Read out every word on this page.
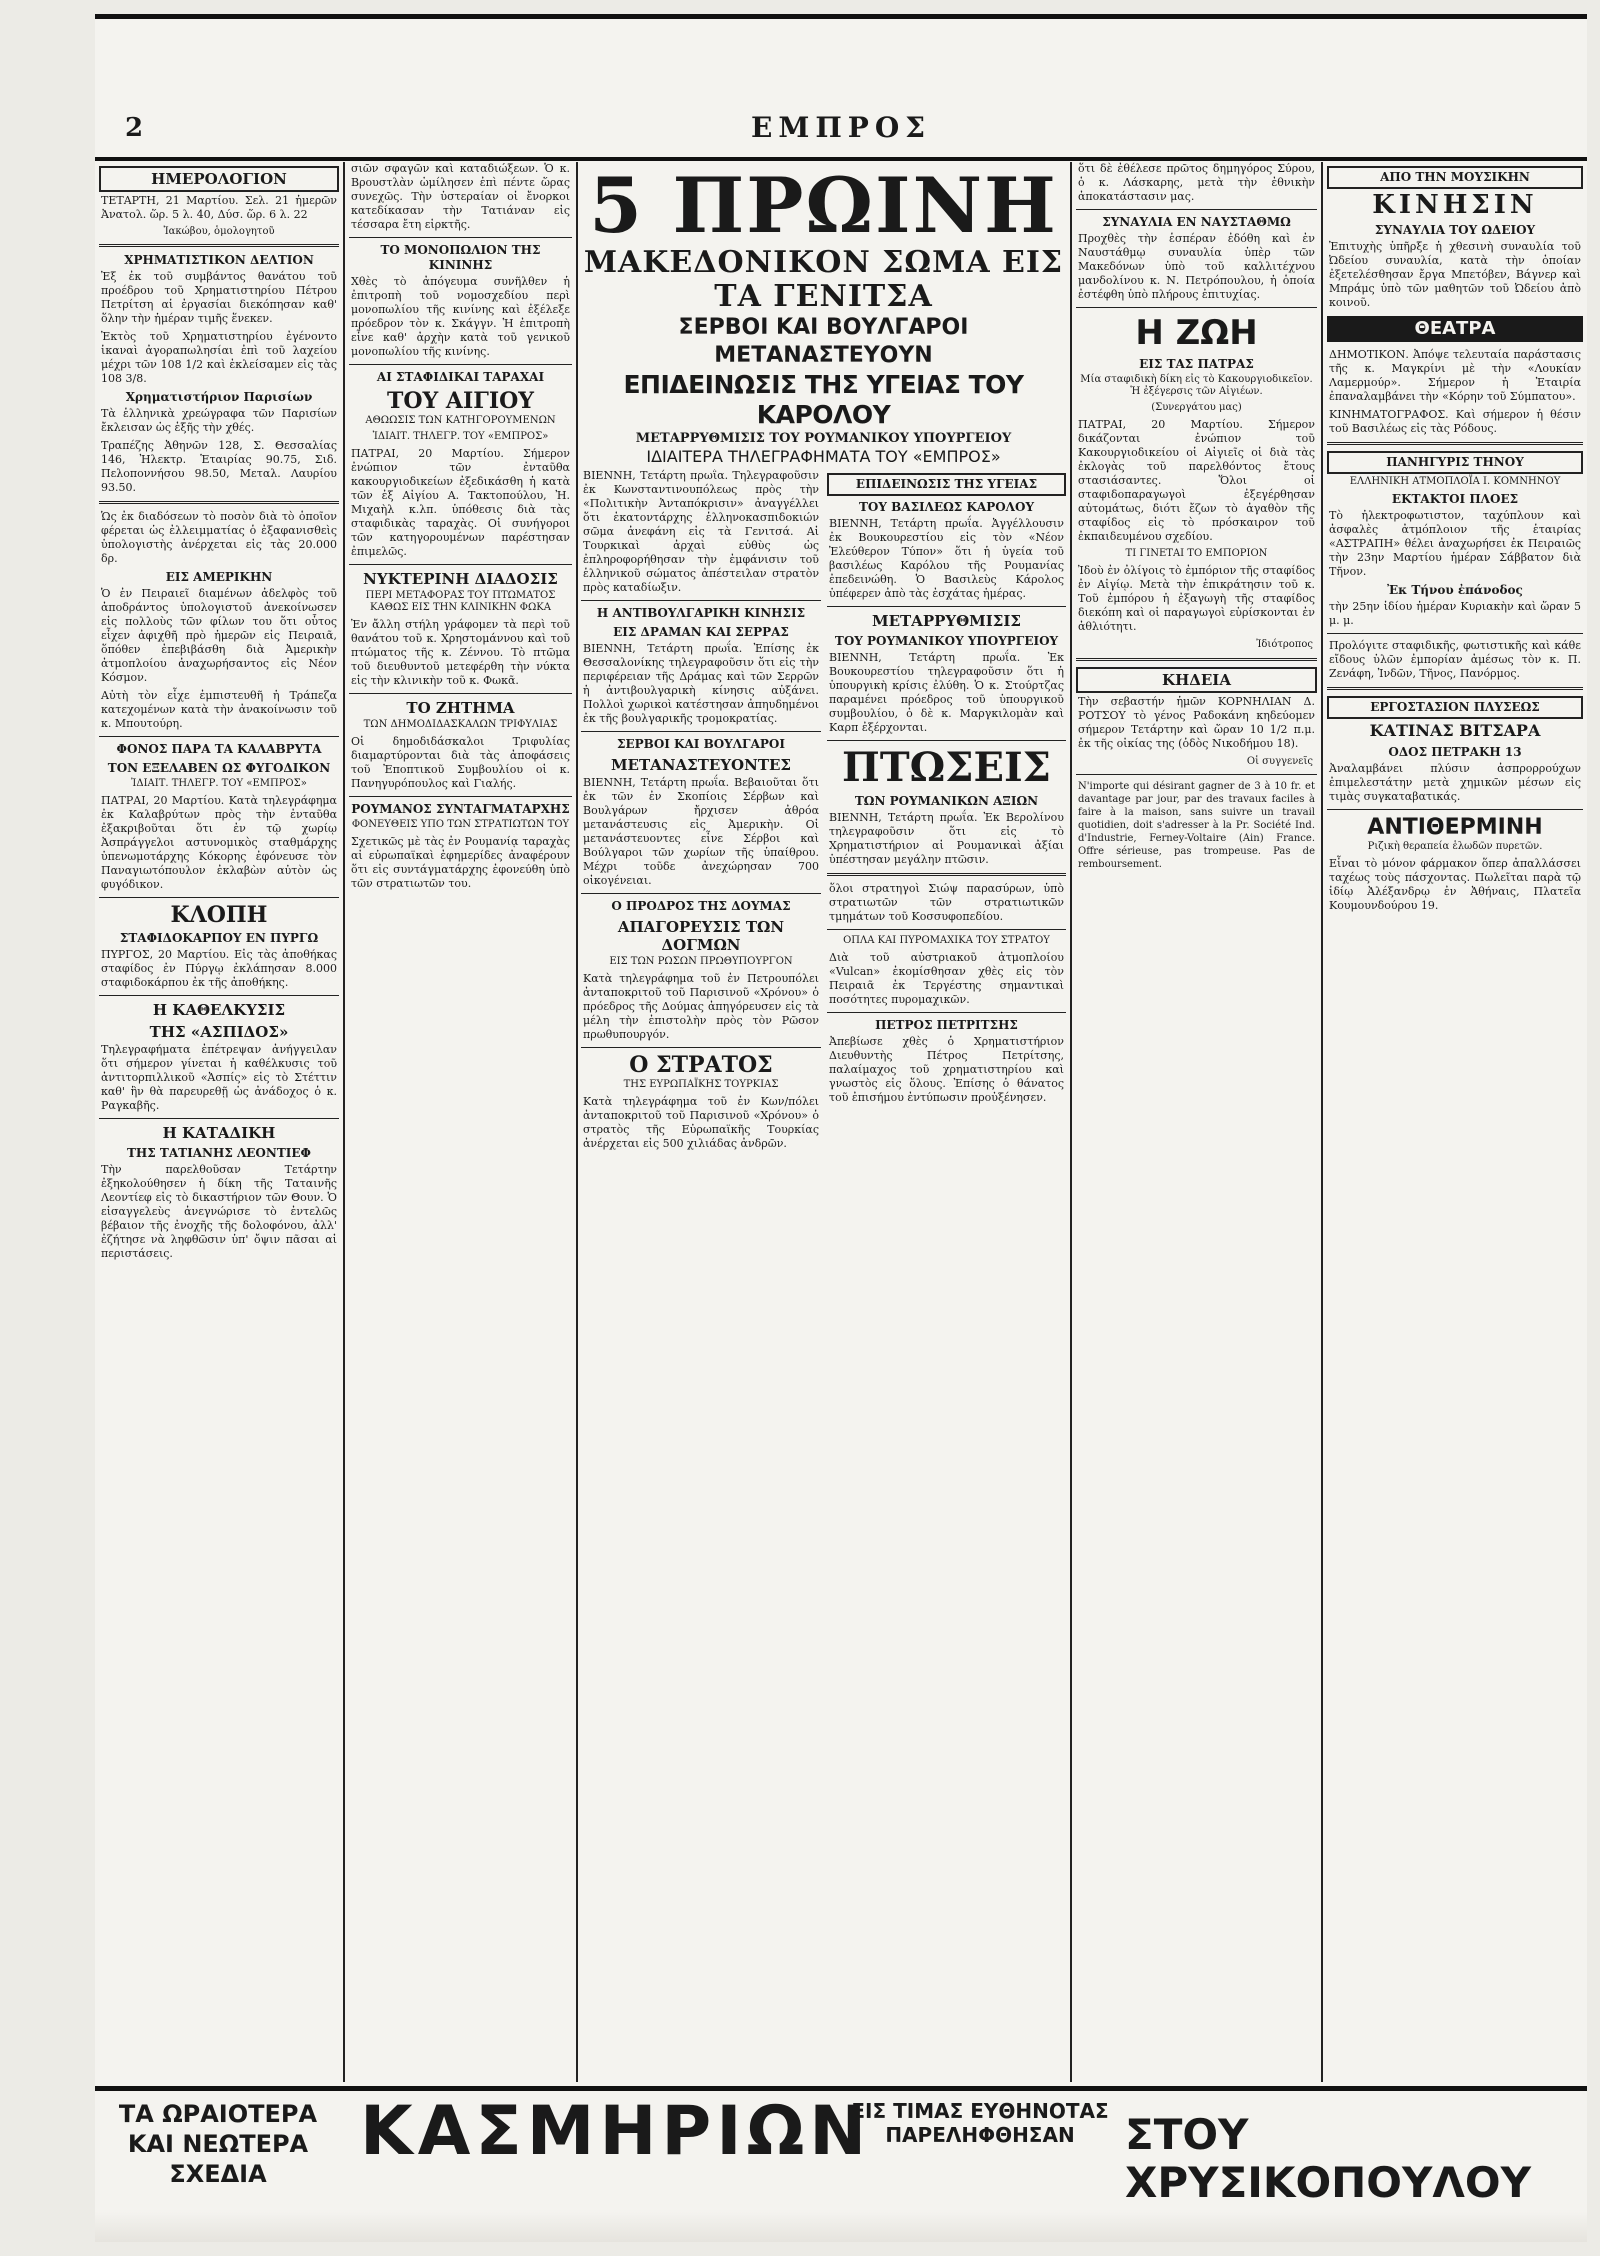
2	ΕΜΠΡΟΣ
ΗΜΕΡΟΛΟΓΙΟΝ
ΤΕΤΑΡΤΗ, 21 Μαρτίου. Σελ. 21 ἡμερῶν Ἀνατολ. ὥρ. 5 λ. 40, Δύσ. ὥρ. 6 λ. 22
Ἰακώβου, ὁμολογητοῦ
ΧΡΗΜΑΤΙΣΤΙΚΟΝ ΔΕΛΤΙΟΝ
Ἐξ ἐκ τοῦ συμβάντος θανάτου τοῦ προέδρου τοῦ Χρηματιστηρίου Πέτρου Πετρίτση αἱ ἐργασίαι διεκόπησαν καθ' ὅλην τὴν ἡμέραν τιμῆς ἕνεκεν.
Ἐκτὸς τοῦ Χρηματιστηρίου ἐγένοντο ἱκαναὶ ἀγοραπωλησίαι ἐπὶ τοῦ λαχείου μέχρι τῶν 108 1/2 καὶ ἐκλείσαμεν εἰς τὰς 108 3/8.
Χρηματιστήριον Παρισίων
Τὰ ἑλληνικὰ χρεώγραφα τῶν Παρισίων ἔκλεισαν ὡς ἑξῆς τὴν χθές.
Τραπέζης Ἀθηνῶν 128, Σ. Θεσσαλίας 146, Ἠλεκτρ. Ἑταιρίας 90.75, Σιδ. Πελοποννήσου 98.50, Μεταλ. Λαυρίου 93.50.
Ὡς ἐκ διαδόσεων τὸ ποσὸν διὰ τὸ ὁποῖον φέρεται ὡς ἐλλειμματίας ὁ ἐξαφανισθεὶς ὑπολογιστὴς ἀνέρχεται εἰς τὰς 20.000 δρ.
ΕΙΣ ΑΜΕΡΙΚΗΝ
Ὁ ἐν Πειραιεῖ διαμένων ἀδελφὸς τοῦ ἀποδράντος ὑπολογιστοῦ ἀνεκοίνωσεν εἰς πολλοὺς τῶν φίλων του ὅτι οὗτος εἶχεν ἀφιχθῆ πρὸ ἡμερῶν εἰς Πειραιᾶ, ὅπόθεν ἐπεβιβάσθη διὰ Ἀμερικὴν ἀτμοπλοίου ἀναχωρήσαντος εἰς Νέον Κόσμον.
Αὐτὴ τὸν εἶχε ἐμπιστευθῆ ἡ Τράπεζα κατεχομένων κατὰ τὴν ἀνακοίνωσιν τοῦ κ. Μπουτούρη.
ΦΟΝΟΣ ΠΑΡΑ ΤΑ ΚΑΛΑΒΡΥΤΑ
ΤΟΝ ΕΞΕΛΑΒΕΝ ΩΣ ΦΥΓΟΔΙΚΟΝ
ἸΔΙΑΙΤ. ΤΗΛΕΓΡ. ΤΟΥ «ΕΜΠΡΟΣ»
ΠΑΤΡΑΙ, 20 Μαρτίου. Κατὰ τηλεγράφημα ἐκ Καλαβρύτων πρὸς τὴν ἐνταῦθα ἐξακριβοῦται ὅτι ἐν τῷ χωρίῳ Ἀσπράγγελοι αστυνομικὸς σταθμάρχης ὑπενωμοτάρχης Κόκορης ἐφόνευσε τὸν Παναγιωτόπουλον ἐκλαβὼν αὐτὸν ὡς φυγόδικον.
ΚΛΟΠΗ
ΣΤΑΦΙΔΟΚΑΡΠΟΥ ΕΝ ΠΥΡΓΩ
ΠΥΡΓΟΣ, 20 Μαρτίου. Εἰς τὰς ἀποθήκας σταφίδος ἐν Πύργῳ ἐκλάπησαν 8.000 σταφιδοκάρπου ἐκ τῆς ἀποθήκης.
Η ΚΑΘΕΛΚΥΣΙΣ
ΤΗΣ «ΑΣΠΙΔΟΣ»
Τηλεγραφήματα ἐπέτρεψαν ἀνήγγειλαν ὅτι σήμερον γίνεται ἡ καθέλκυσις τοῦ ἀντιτορπιλλικοῦ «Ἀσπίς» εἰς τὸ Στέττιν καθ' ἣν θὰ παρευρεθῇ ὡς ἀνάδοχος ὁ κ. Ραγκαβῆς.
Η ΚΑΤΑΔΙΚΗ
ΤΗΣ ΤΑΤΙΑΝΗΣ ΛΕΟΝΤΙΕΦ
Τὴν παρελθοῦσαν Τετάρτην ἐξηκολούθησεν ἡ δίκη τῆς Ταταινῆς Λεοντίεφ εἰς τὸ δικαστήριον τῶν Θουν. Ὁ εἰσαγγελεὺς ἀνεγνώρισε τὸ ἐντελῶς βέβαιον τῆς ἐνοχῆς τῆς δολοφόνου, ἀλλ' ἐζήτησε νὰ ληφθῶσιν ὑπ' ὄψιν πᾶσαι αἱ περιστάσεις.
σιῶν σφαγῶν καὶ καταδιώξεων. Ὁ κ. Βρουστλὰν ὡμίλησεν ἐπὶ πέντε ὥρας συνεχῶς. Τὴν ὑστεραίαν οἱ ἔνορκοι κατεδίκασαν τὴν Τατιάναν εἰς τέσσαρα ἔτη εἱρκτῆς.
ΤΟ ΜΟΝΟΠΩΛΙΟΝ ΤΗΣ ΚΙΝΙΝΗΣ
Χθὲς τὸ ἀπόγευμα συνῆλθεν ἡ ἐπιτροπὴ τοῦ νομοσχεδίου περὶ μονοπωλίου τῆς κινίνης καὶ ἐξέλεξε πρόεδρον τὸν κ. Σκάγγν. Ἡ ἐπιτροπὴ εἶνε καθ' ἀρχὴν κατὰ τοῦ γενικοῦ μονοπωλίου τῆς κινίνης.
ΑΙ ΣΤΑΦΙΔΙΚΑΙ ΤΑΡΑΧΑΙ
ΤΟΥ ΑΙΓΙΟΥ
ΑΘΩΩΣΙΣ ΤΩΝ ΚΑΤΗΓΟΡΟΥΜΕΝΩΝ
ἸΔΙΑΙΤ. ΤΗΛΕΓΡ. ΤΟΥ «ΕΜΠΡΟΣ»
ΠΑΤΡΑΙ, 20 Μαρτίου. Σήμερον ἐνώπιον τῶν ἐνταῦθα κακουργιοδικείων ἐξεδικάσθη ἡ κατὰ τῶν ἐξ Αἰγίου Α. Τακτοπούλου, Ἠ. Μιχαὴλ κ.λπ. ὑπόθεσις διὰ τὰς σταφιδικὰς ταραχὰς. Οἱ συνήγοροι τῶν κατηγορουμένων παρέστησαν ἐπιμελῶς.
ΝΥΚΤΕΡΙΝΗ ΔΙΑΔΟΣΙΣ
ΠΕΡΙ ΜΕΤΑΦΟΡΑΣ ΤΟΥ ΠΤΩΜΑΤΟΣ ΚΑΘΩΣ ΕΙΣ ΤΗΝ ΚΛΙΝΙΚΗΝ ΦΩΚΑ
Ἐν ἄλλη στήλη γράφομεν τὰ περὶ τοῦ θανάτου τοῦ κ. Χρηστομάννου καὶ τοῦ πτώματος τῆς κ. Ζέννου. Τὸ πτῶμα τοῦ διευθυντοῦ μετεφέρθη τὴν νύκτα εἰς τὴν κλινικὴν τοῦ κ. Φωκᾶ.
ΤΟ ΖΗΤΗΜΑ
ΤΩΝ ΔΗΜΟΔΙΔΑΣΚΑΛΩΝ ΤΡΙΦΥΛΙΑΣ
Οἱ δημοδιδάσκαλοι Τριφυλίας διαμαρτύρονται διὰ τὰς ἀποφάσεις τοῦ Ἐποπτικοῦ Συμβουλίου οἱ κ. Πανηγυρόπουλος καὶ Γιαλής.
ΡΟΥΜΑΝΟΣ ΣΥΝΤΑΓΜΑΤΑΡΧΗΣ
ΦΟΝΕΥΘΕΙΣ ΥΠΟ ΤΩΝ ΣΤΡΑΤΙΩΤΩΝ ΤΟΥ
Σχετικῶς μὲ τὰς ἐν Ρουμανίᾳ ταραχὰς αἱ εὐρωπαϊκαὶ ἐφημερίδες ἀναφέρουν ὅτι εἰς συντάγματάρχης ἐφονεύθη ὑπὸ τῶν στρατιωτῶν του.
5 ΠΡΩΙΝΗ
ΜΑΚΕΔΟΝΙΚΟΝ ΣΩΜΑ ΕΙΣ ΤΑ ΓΕΝΙΤΣΑ
ΣΕΡΒΟΙ ΚΑΙ ΒΟΥΛΓΑΡΟΙ ΜΕΤΑΝΑΣΤΕΥΟΥΝ
ΕΠΙΔΕΙΝΩΣΙΣ ΤΗΣ ΥΓΕΙΑΣ ΤΟΥ ΚΑΡΟΛΟΥ
ΜΕΤΑΡΡΥΘΜΙΣΙΣ ΤΟΥ ΡΟΥΜΑΝΙΚΟΥ ΥΠΟΥΡΓΕΙΟΥ
ΙΔΙΑΙΤΕΡΑ ΤΗΛΕΓΡΑΦΗΜΑΤΑ ΤΟΥ «ΕΜΠΡΟΣ»
ΒΙΕΝΝΗ, Τετάρτη πρωΐα. Τηλεγραφοῦσιν ἐκ Κωνσταντινουπόλεως πρὸς τὴν «Πολιτικὴν Ἀνταπόκρισιν» ἀναγγέλλει ὅτι ἑκατοντάρχης ἑλληνοκασπιδοκιών σῶμα ἀνεφάνη εἰς τὰ Γενιτσά. Αἱ Τουρκικαὶ ἀρχαὶ εὐθὺς ὡς ἐπληροφορήθησαν τὴν ἐμφάνισιν τοῦ ἑλληνικοῦ σώματος ἀπέστειλαν στρατὸν πρὸς καταδίωξιν.
Η ΑΝΤΙΒΟΥΛΓΑΡΙΚΗ ΚΙΝΗΣΙΣ
ΕΙΣ ΔΡΑΜΑΝ ΚΑΙ ΣΕΡΡΑΣ
ΒΙΕΝΝΗ, Τετάρτη πρωΐα. Ἐπίσης ἐκ Θεσσαλονίκης τηλεγραφοῦσιν ὅτι εἰς τὴν περιφέρειαν τῆς Δράμας καὶ τῶν Σερρῶν ἡ ἀντιβουλγαρικὴ κίνησις αὐξάνει. Πολλοὶ χωρικοὶ κατέστησαν ἀπηυδημένοι ἐκ τῆς βουλγαρικῆς τρομοκρατίας.
ΣΕΡΒΟΙ ΚΑΙ ΒΟΥΛΓΑΡΟΙ
ΜΕΤΑΝΑΣΤΕΥΟΝΤΕΣ
ΒΙΕΝΝΗ, Τετάρτη πρωΐα. Βεβαιοῦται ὅτι ἐκ τῶν ἐν Σκοπίοις Σέρβων καὶ Βουλγάρων ἤρχισεν ἀθρόα μετανάστευσις εἰς Ἀμερικὴν. Οἱ μετανάστευοντες εἶνε Σέρβοι καὶ Βούλγαροι τῶν χωρίων τῆς ὑπαίθρου. Μέχρι τοῦδε ἀνεχώρησαν 700 οἰκογένειαι.
Ο ΠΡΟΔΡΟΣ ΤΗΣ ΔΟΥΜΑΣ
ΑΠΑΓΟΡΕΥΣΙΣ ΤΩΝ ΔΟΓΜΩΝ
ΕΙΣ ΤΩΝ ΡΩΣΩΝ ΠΡΩΘΥΠΟΥΡΓΟΝ
Κατὰ τηλεγράφημα τοῦ ἐν Πετρουπόλει ἀνταποκριτοῦ τοῦ Παρισινοῦ «Χρόνου» ὁ πρόεδρος τῆς Δούμας ἀπηγόρευσεν εἰς τὰ μέλη τὴν ἐπιστολὴν πρὸς τὸν Ρῶσον πρωθυπουργόν.
Ο ΣΤΡΑΤΟΣ
ΤΗΣ ΕΥΡΩΠΑΪΚΗΣ ΤΟΥΡΚΙΑΣ
Κατὰ τηλεγράφημα τοῦ ἐν Κων/πόλει ἀνταποκριτοῦ τοῦ Παρισινοῦ «Χρόνου» ὁ στρατὸς τῆς Εὐρωπαϊκῆς Τουρκίας ἀνέρχεται εἰς 500 χιλιάδας ἀνδρῶν.
ΕΠΙΔΕΙΝΩΣΙΣ ΤΗΣ ΥΓΕΙΑΣ
ΤΟΥ ΒΑΣΙΛΕΩΣ ΚΑΡΟΛΟΥ
ΒΙΕΝΝΗ, Τετάρτη πρωΐα. Ἀγγέλλουσιν ἐκ Βουκουρεστίου εἰς τὸν «Νέον Ἐλεύθερον Τύπον» ὅτι ἡ ὑγεία τοῦ βασιλέως Καρόλου τῆς Ρουμανίας ἐπεδεινώθη. Ὁ Βασιλεὺς Κάρολος ὑπέφερεν ἀπὸ τὰς ἐσχάτας ἡμέρας.
ΜΕΤΑΡΡΥΘΜΙΣΙΣ
ΤΟΥ ΡΟΥΜΑΝΙΚΟΥ ΥΠΟΥΡΓΕΙΟΥ
ΒΙΕΝΝΗ, Τετάρτη πρωΐα. Ἐκ Βουκουρεστίου τηλεγραφοῦσιν ὅτι ἡ ὑπουργικὴ κρίσις ἐλύθη. Ὁ κ. Στούρτζας παραμένει πρόεδρος τοῦ ὑπουργικοῦ συμβουλίου, ὁ δὲ κ. Μαργκιλομὰν καὶ Καρπ ἐξέρχονται.
ΠΤΩΣΕΙΣ
ΤΩΝ ΡΟΥΜΑΝΙΚΩΝ ΑΞΙΩΝ
ΒΙΕΝΝΗ, Τετάρτη πρωΐα. Ἐκ Βερολίνου τηλεγραφοῦσιν ὅτι εἰς τὸ Χρηματιστήριον αἱ Ρουμανικαὶ ἀξίαι ὑπέστησαν μεγάλην πτῶσιν.
ὅλοι στρατηγοὶ Σιώψ παρασύρων, ὑπὸ στρατιωτῶν τῶν στρατιωτικῶν τμημάτων τοῦ Κοσσυφοπεδίου.
ΟΠΛΑ ΚΑΙ ΠΥΡΟΜΑΧΙΚΑ ΤΟΥ ΣΤΡΑΤΟΥ
Διὰ τοῦ αὐστριακοῦ ἀτμοπλοίου «Vulcan» ἐκομίσθησαν χθὲς εἰς τὸν Πειραιᾶ ἐκ Τεργέστης σημαντικαὶ ποσότητες πυρομαχικῶν.
ΠΕΤΡΟΣ ΠΕΤΡΙΤΣΗΣ
Ἀπεβίωσε χθὲς ὁ Χρηματιστήριον Διευθυντὴς Πέτρος Πετρίτσης, παλαίμαχος τοῦ χρηματιστηρίου καὶ γνωστὸς εἰς ὅλους. Ἐπίσης ὁ θάνατος τοῦ ἐπισήμου ἐντύπωσιν προὐξένησεν.
ὅτι δὲ ἐθέλεσε πρῶτος δημηγόρος Σύρου, ὁ κ. Λάσκαρης, μετὰ τὴν ἐθνικὴν ἀποκατάστασιν μας.
ΣΥΝΑΥΛΙΑ ΕΝ ΝΑΥΣΤΑΘΜΩ
Προχθὲς τὴν ἑσπέραν ἐδόθη καὶ ἐν Ναυστάθμῳ συναυλία ὑπὲρ τῶν Μακεδόνων ὑπὸ τοῦ καλλιτέχνου μανδολίνου κ. Ν. Πετρόπουλου, ἡ ὁποία ἐστέφθη ὑπὸ πλήρους ἐπιτυχίας.
Η ΖΩΗ
ΕΙΣ ΤΑΣ ΠΑΤΡΑΣ
Μία σταφιδικὴ δίκη εἰς τὸ Κακουργιοδικεῖον. Ἡ ἐξέγερσις τῶν Αἰγιέων.
(Συνεργάτου μας)
ΠΑΤΡΑΙ, 20 Μαρτίου. Σήμερον δικάζονται ἐνώπιον τοῦ Κακουργιοδικείου οἱ Αἰγιεῖς οἱ διὰ τὰς ἐκλογὰς τοῦ παρελθόντος ἔτους στασιάσαντες. Ὅλοι οἱ σταφιδοπαραγωγοὶ ἐξεγέρθησαν αὐτομάτως, διότι ἔζων τὸ ἀγαθὸν τῆς σταφίδος εἰς τὸ πρόσκαιρον τοῦ ἐκπαιδευμένου σχεδίου.
ΤΙ ΓΙΝΕΤΑΙ ΤΟ ΕΜΠΟΡΙΟΝ
Ἰδοὺ ἐν ὀλίγοις τὸ ἐμπόριον τῆς σταφίδος ἐν Αἰγίῳ. Μετὰ τὴν ἐπικράτησιν τοῦ κ. Τοῦ ἐμπόρου ἡ ἐξαγωγὴ τῆς σταφίδος διεκόπη καὶ οἱ παραγωγοὶ εὑρίσκονται ἐν ἀθλιότητι.
Ἰδιότροπος
ΚΗΔΕΙΑ
Τὴν σεβαστήν ἡμῶν ΚΟΡΝΗΛΙΑΝ Δ. ΡΟΤΣΟΥ τὸ γένος Ραδοκάνη κηδεύομεν σήμερον Τετάρτην καὶ ὥραν 10 1/2 π.μ. ἐκ τῆς οἰκίας της (ὁδὸς Νικοδήμου 18).
Οἱ συγγενεῖς
N'importe qui désirant gagner de 3 à 10 fr. et davantage par jour, par des travaux faciles à faire à la maison, sans suivre un travail quotidien, doit s'adresser à la Pr. Société Ind. d'Industrie, Ferney-Voltaire (Ain) France. Offre sérieuse, pas trompeuse. Pas de remboursement.
ΑΠΟ ΤΗΝ ΜΟΥΣΙΚΗΝ
ΚΙΝΗΣΙΝ
ΣΥΝΑΥΛΙΑ ΤΟΥ ΩΔΕΙΟΥ
Ἐπιτυχὴς ὑπῆρξε ἡ χθεσινὴ συναυλία τοῦ Ὠδείου συναυλία, κατὰ τὴν ὁποίαν ἐξετελέσθησαν ἔργα Μπετόβεν, Βάγνερ καὶ Μπράμς ὑπὸ τῶν μαθητῶν τοῦ Ὠδείου ἀπὸ κοινοῦ.
ΘΕΑΤΡΑ
ΔΗΜΟΤΙΚΟΝ. Ἀπόψε τελευταία παράστασις τῆς κ. Μαγκρίνι μὲ τὴν «Λουκίαν Λαμερμούρ». Σήμερον ἡ Ἑταιρία ἐπαναλαμβάνει τὴν «Κόρην τοῦ Σύμπατου».
ΚΙΝΗΜΑΤΟΓΡΑΦΟΣ. Καὶ σήμερον ἡ θέσιν τοῦ Βασιλέως εἰς τὰς Ρόδους.
ΠΑΝΗΓΥΡΙΣ ΤΗΝΟΥ
ΕΛΛΗΝΙΚΗ ΑΤΜΟΠΛΟΪΑ Ι. ΚΟΜΝΗΝΟΥ
ΕΚΤΑΚΤΟΙ ΠΛΟΕΣ
Τὸ ἠλεκτροφωτιστον, ταχύπλουν καὶ ἀσφαλὲς ἀτμόπλοιον τῆς ἑταιρίας «ΑΣΤΡΑΠΗ» θέλει ἀναχωρήσει ἐκ Πειραιῶς τὴν 23ην Μαρτίου ἡμέραν Σάββατον διὰ Τῆνον.
Ἐκ Τήνου ἐπάνοδος
τὴν 25ην ἰδίου ἡμέραν Κυριακὴν καὶ ὥραν 5 μ. μ.
Προλόγιτε σταφιδικῆς, φωτιστικῆς καὶ κάθε εἴδους ὑλῶν ἐμπορίαν ἀμέσως τὸν κ. Π. Ζενάφη, Ἰνδῶν, Τῆνος, Πανόρμος.
ΕΡΓΟΣΤΑΣΙΟΝ ΠΛΥΣΕΩΣ
ΚΑΤΙΝΑΣ ΒΙΤΣΑΡΑ
ΟΔΟΣ ΠΕΤΡΑΚΗ 13
Ἀναλαμβάνει πλύσιν ἀσπρορρούχων ἐπιμελεστάτην μετὰ χημικῶν μέσων εἰς τιμὰς συγκαταβατικάς.
ΑΝΤΙΘΕΡΜΙΝΗ
Ριζικὴ θεραπεία ἑλωδῶν πυρετῶν.
Εἶναι τὸ μόνον φάρμακον ὅπερ ἀπαλλάσσει ταχέως τοὺς πάσχοντας. Πωλεῖται παρὰ τῷ ἰδίῳ Ἀλέξανδρῳ ἐν Ἀθήναις, Πλατεῖα Κουμουνδούρου 19.
ΤΑ ΩΡΑΙΟΤΕΡΑ ΚΑΙ ΝΕΩΤΕΡΑ ΣΧΕΔΙΑ
ΚΑΣΜΗΡΙΩΝ
ΕΙΣ ΤΙΜΑΣ ΕΥΘΗΝΟΤΑΣ ΠΑΡΕΛΗΦΘΗΣΑΝ	ΣΤΟΥ ΧΡΥΣΙΚΟΠΟΥΛΟΥ
